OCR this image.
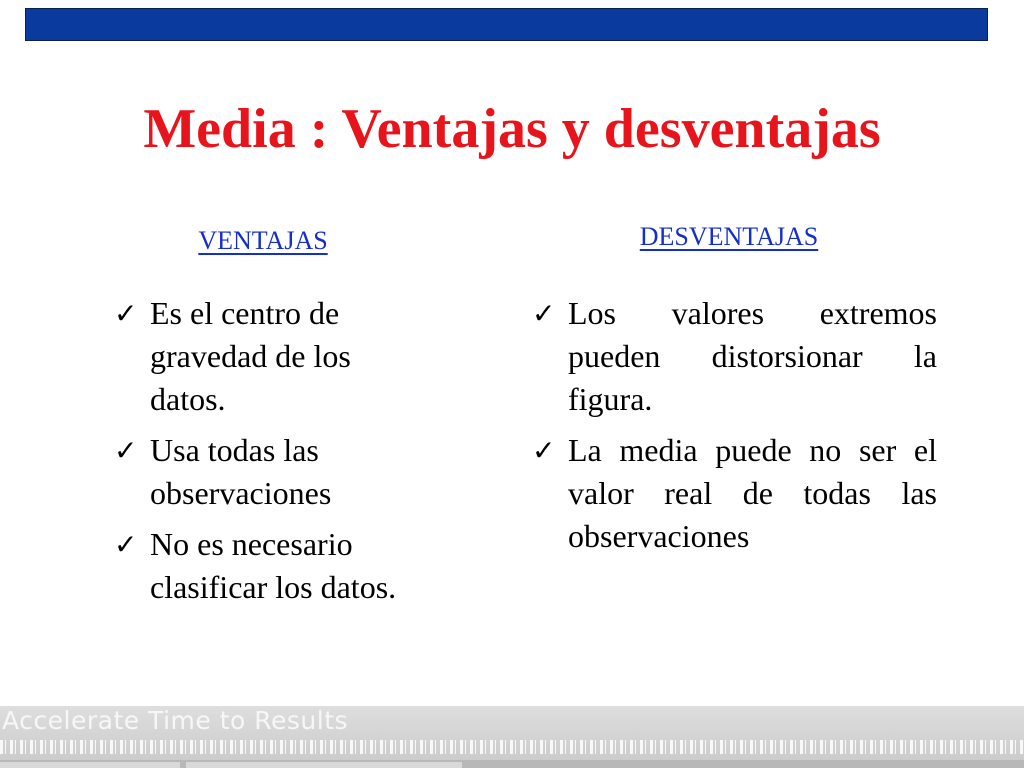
Media : Ventajas y desventajas
VENTAJAS	DESVENTAJAS
✓ Es el centro de gravedad de los datos.
✓ Usa todas las observaciones
✓ No es necesario clasificar los datos.
✓ Los valores extremos pueden distorsionar la figura.
✓ La media puede no ser el valor real de todas las observaciones
Accelerate Time to Results
